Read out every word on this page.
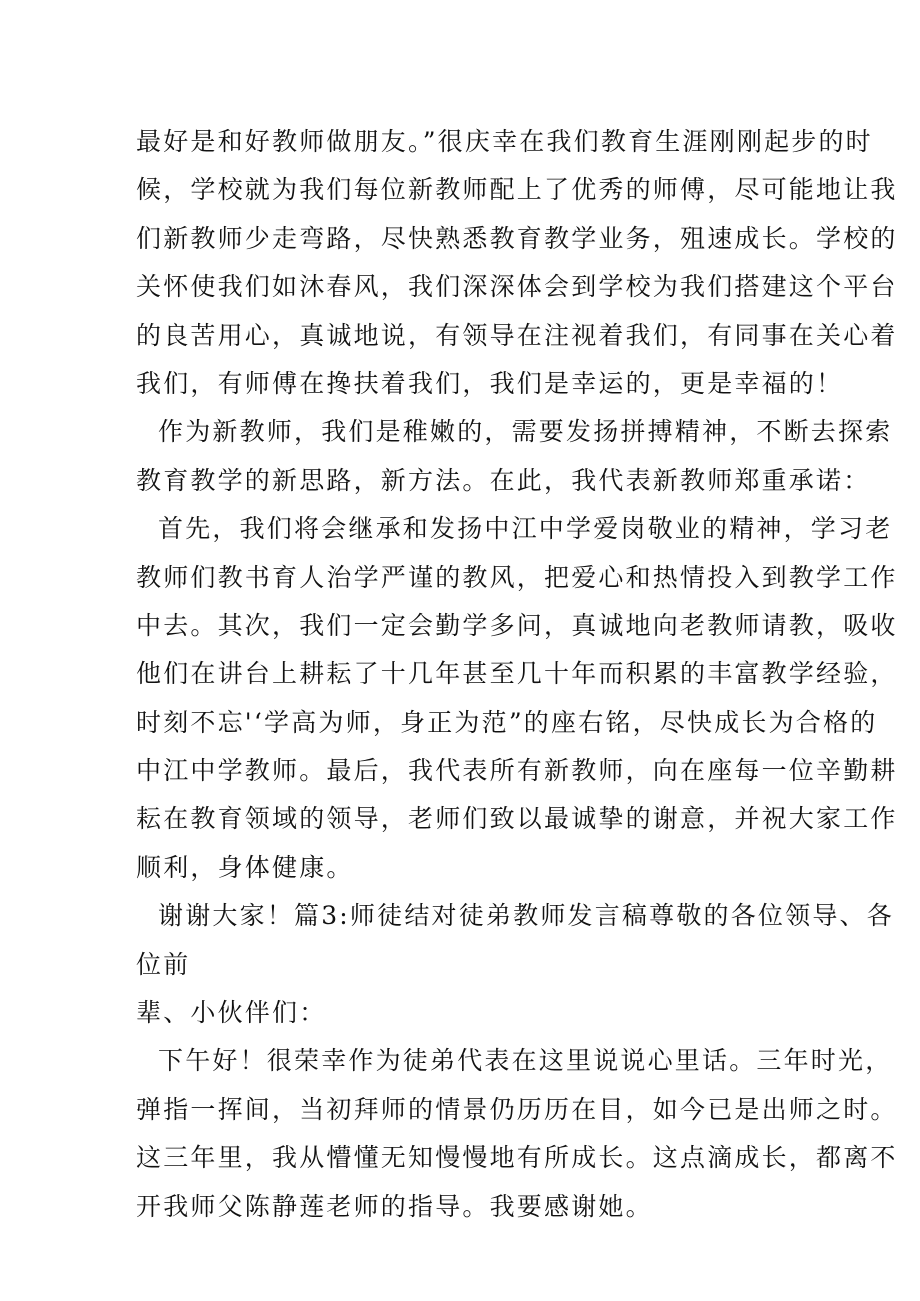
最好是和好教师做朋友。”很庆幸在我们教育生涯刚刚起步的时
候，学校就为我们每位新教师配上了优秀的师傅，尽可能地让我
们新教师少走弯路，尽快熟悉教育教学业务，殂速成长。学校的
关怀使我们如沐春风，我们深深体会到学校为我们搭建这个平台
的良苦用心，真诚地说，有领导在注视着我们，有同事在关心着
我们，有师傅在搀扶着我们，我们是幸运的，更是幸福的！
作为新教师，我们是稚嫩的，需要发扬拼搏精神，不断去探索
教育教学的新思路，新方法。在此，我代表新教师郑重承诺：
首先，我们将会继承和发扬中江中学爱岗敬业的精神，学习老
教师们教书育人治学严谨的教风，把爱心和热情投入到教学工作
中去。其次，我们一定会勤学多问，真诚地向老教师请教，吸收
他们在讲台上耕耘了十几年甚至几十年而积累的丰富教学经验，
时刻不忘'‘学高为师，身正为范”的座右铭，尽快成长为合格的
中江中学教师。最后，我代表所有新教师，向在座每一位辛勤耕
耘在教育领域的领导，老师们致以最诚挚的谢意，并祝大家工作
顺利，身体健康。
谢谢大家！篇3:师徒结对徒弟教师发言稿尊敬的各位领导、各
位前
辈、小伙伴们：
下午好！很荣幸作为徒弟代表在这里说说心里话。三年时光，
弹指一挥间，当初拜师的情景仍历历在目，如今已是出师之时。
这三年里，我从懵懂无知慢慢地有所成长。这点滴成长，都离不
开我师父陈静莲老师的指导。我要感谢她。
